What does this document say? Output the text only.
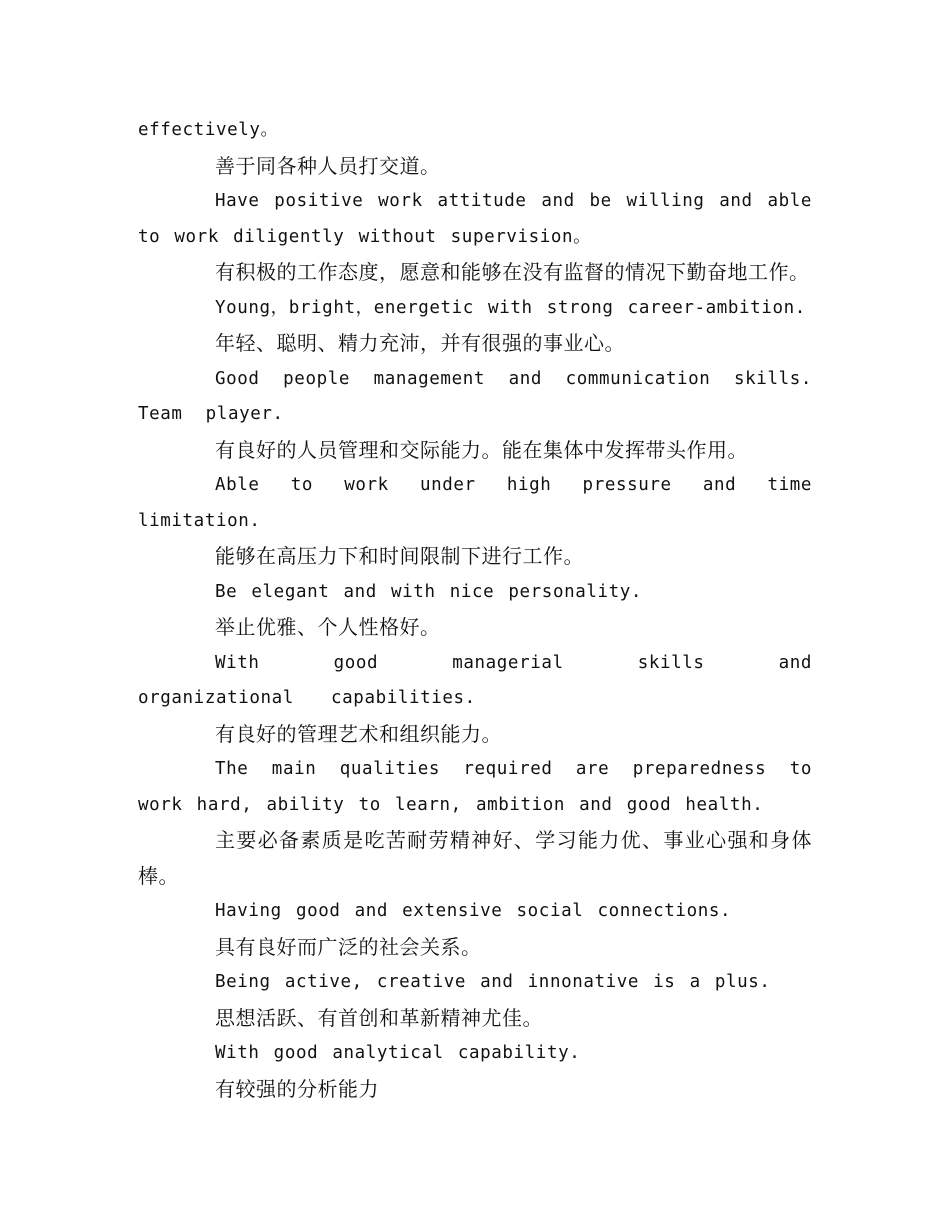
effectively。

善于同各种人员打交道。

Have positive work attitude and be willing and able to work diligently without supervision。

有积极的工作态度，愿意和能够在没有监督的情况下勤奋地工作。

Young，bright，energetic with strong career-ambition.

年轻、聪明、精力充沛，并有很强的事业心。

Good people management and communication skills. Team player.

有良好的人员管理和交际能力。能在集体中发挥带头作用。

Able to work under high pressure and time limitation.

能够在高压力下和时间限制下进行工作。

Be elegant and with nice personality.

举止优雅、个人性格好。

With good managerial skills and organizational capabilities.

有良好的管理艺术和组织能力。

The main qualities required are preparedness to work hard, ability to learn, ambition and good health.

主要必备素质是吃苦耐劳精神好、学习能力优、事业心强和身体棒。

Having good and extensive social connections.

具有良好而广泛的社会关系。

Being active, creative and innonative is a plus.

思想活跃、有首创和革新精神尤佳。

With good analytical capability.

有较强的分析能力
